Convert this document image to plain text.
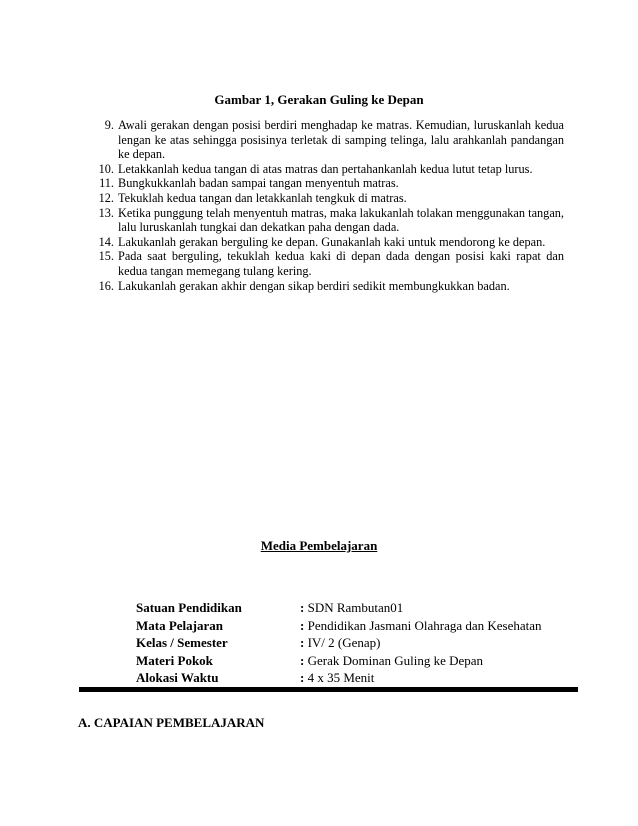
Gambar 1, Gerakan Guling ke Depan
9. Awali gerakan dengan posisi berdiri menghadap ke matras. Kemudian, luruskanlah kedua lengan ke atas sehingga posisinya terletak di samping telinga, lalu arahkanlah pandangan ke depan.
10. Letakkanlah kedua tangan di atas matras dan pertahankanlah kedua lutut tetap lurus.
11. Bungkukkanlah badan sampai tangan menyentuh matras.
12. Tekuklah kedua tangan dan letakkanlah tengkuk di matras.
13. Ketika punggung telah menyentuh matras, maka lakukanlah tolakan menggunakan tangan, lalu luruskanlah tungkai dan dekatkan paha dengan dada.
14. Lakukanlah gerakan berguling ke depan. Gunakanlah kaki untuk mendorong ke depan.
15. Pada saat berguling, tekuklah kedua kaki di depan dada dengan posisi kaki rapat dan kedua tangan memegang tulang kering.
16. Lakukanlah gerakan akhir dengan sikap berdiri sedikit membungkukkan badan.
Media Pembelajaran
Satuan Pendidikan	: SDN Rambutan01
Mata Pelajaran	: Pendidikan Jasmani Olahraga dan Kesehatan
Kelas / Semester	: IV/ 2 (Genap)
Materi Pokok	: Gerak Dominan Guling ke Depan
Alokasi Waktu	: 4 x 35 Menit
A. CAPAIAN PEMBELAJARAN
